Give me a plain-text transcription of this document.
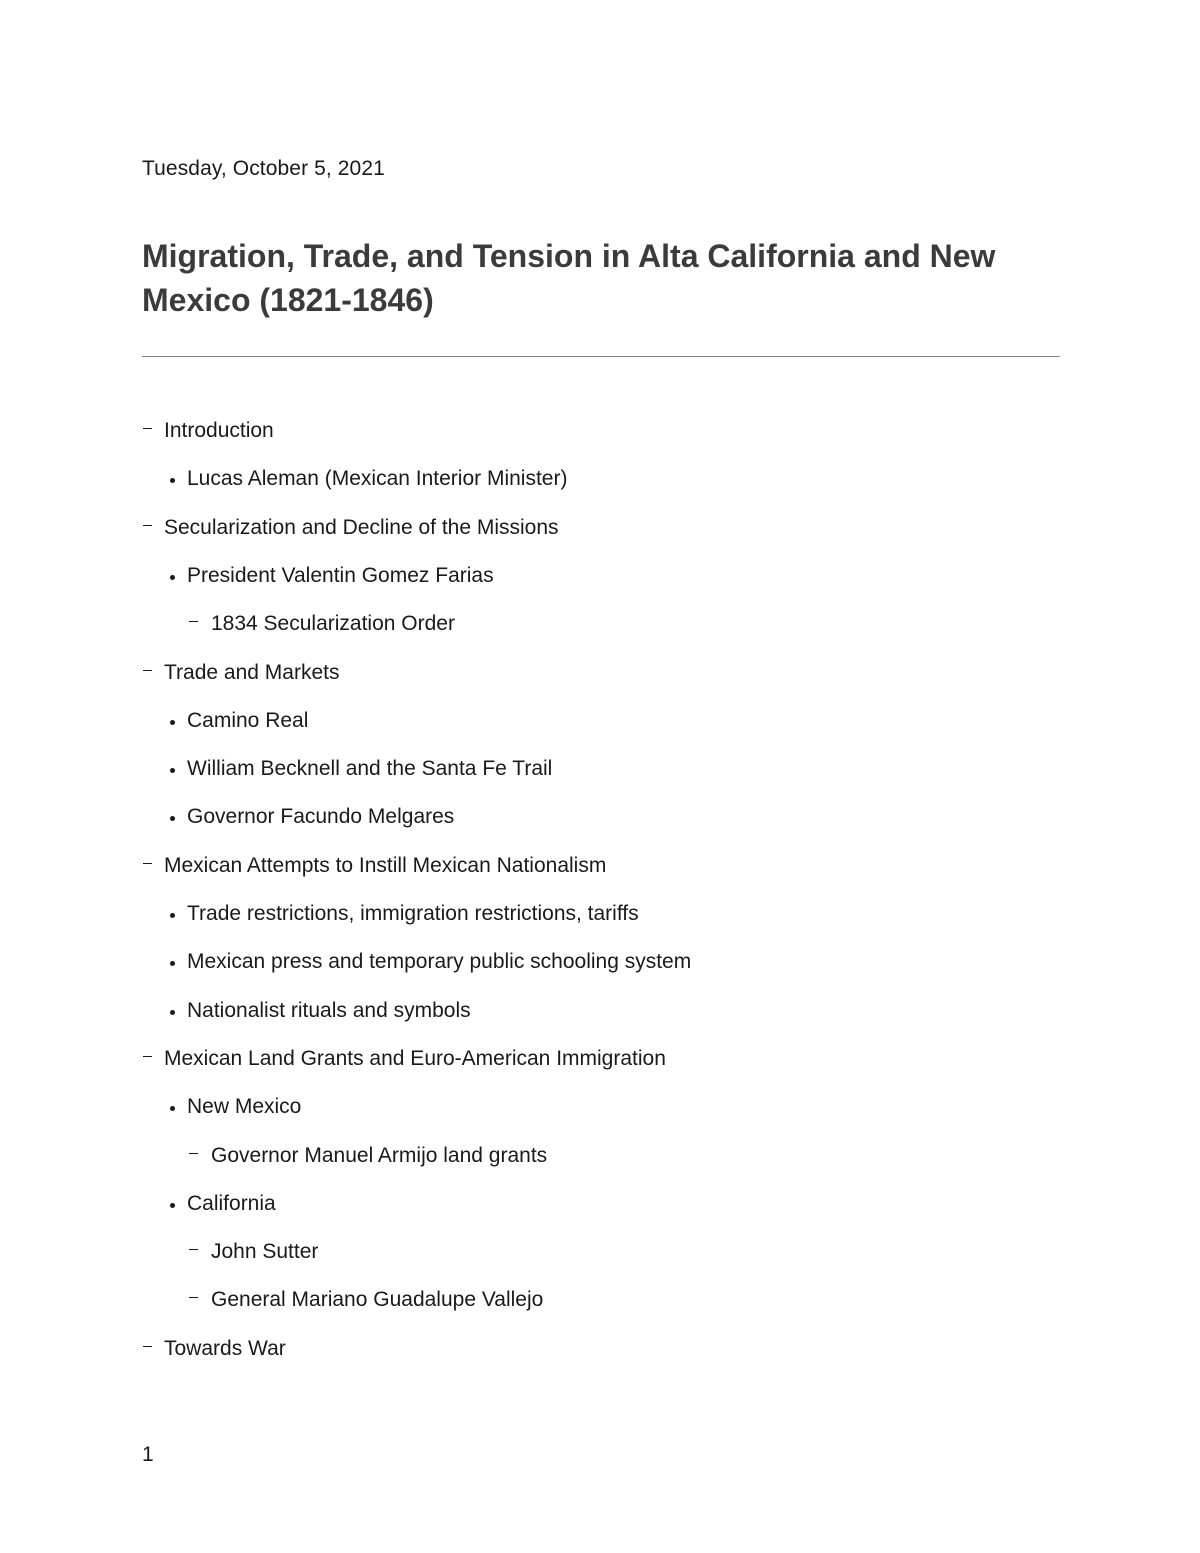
Tuesday, October 5, 2021
Migration, Trade, and Tension in Alta California and New Mexico (1821-1846)
Introduction
Lucas Aleman (Mexican Interior Minister)
Secularization and Decline of the Missions
President Valentin Gomez Farias
1834 Secularization Order
Trade and Markets
Camino Real
William Becknell and the Santa Fe Trail
Governor Facundo Melgares
Mexican Attempts to Instill Mexican Nationalism
Trade restrictions, immigration restrictions, tariffs
Mexican press and temporary public schooling system
Nationalist rituals and symbols
Mexican Land Grants and Euro-American Immigration
New Mexico
Governor Manuel Armijo land grants
California
John Sutter
General Mariano Guadalupe Vallejo
Towards War
1
